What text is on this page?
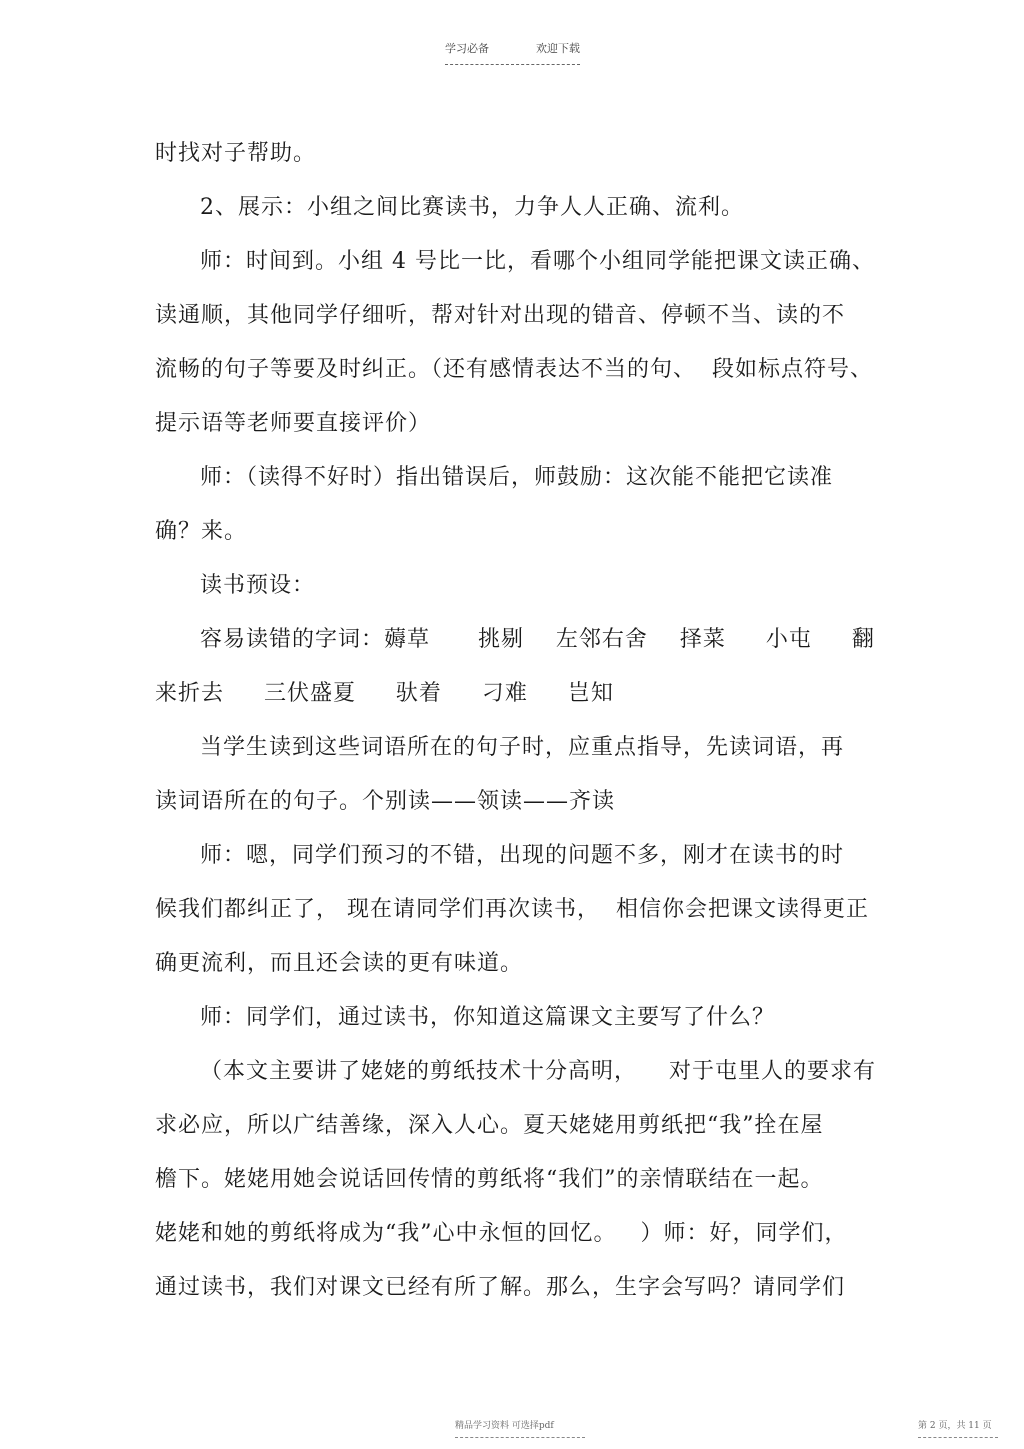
学习必备	欢迎下载
时找对子帮助。
2、展示：小组之间比赛读书，力争人人正确、流利。
师：时间到。小组 4 号比一比，看哪个小组同学能把课文读正确、
读通顺，其他同学仔细听，帮对针对出现的错音、停顿不当、读的不
流畅的句子等要及时纠正。（还有感情表达不当的句、  段如标点符号、
提示语等老师要直接评价）
师：（读得不好时）指出错误后，师鼓励：这次能不能把它读准
确？来。
读书预设：
容易读错的字词：薅草      挑剔    左邻右舍    择菜     小屯     翻
来折去     三伏盛夏     驮着     刁难     岂知
当学生读到这些词语所在的句子时，应重点指导，先读词语，再
读词语所在的句子。个别读——领读——齐读
师：嗯，同学们预习的不错，出现的问题不多，刚才在读书的时
候我们都纠正了， 现在请同学们再次读书，  相信你会把课文读得更正
确更流利，而且还会读的更有味道。
师：同学们，通过读书，你知道这篇课文主要写了什么？
（本文主要讲了姥姥的剪纸技术十分高明，    对于屯里人的要求有
求必应，所以广结善缘，深入人心。夏天姥姥用剪纸把“我”拴在屋
檐下。姥姥用她会说话回传情的剪纸将“我们”的亲情联结在一起。
姥姥和她的剪纸将成为“我”心中永恒的回忆。   ）师：好，同学们，
通过读书，我们对课文已经有所了解。那么，生字会写吗？请同学们
精品学习资料 可选择pdf	第 2 页，共 11 页
